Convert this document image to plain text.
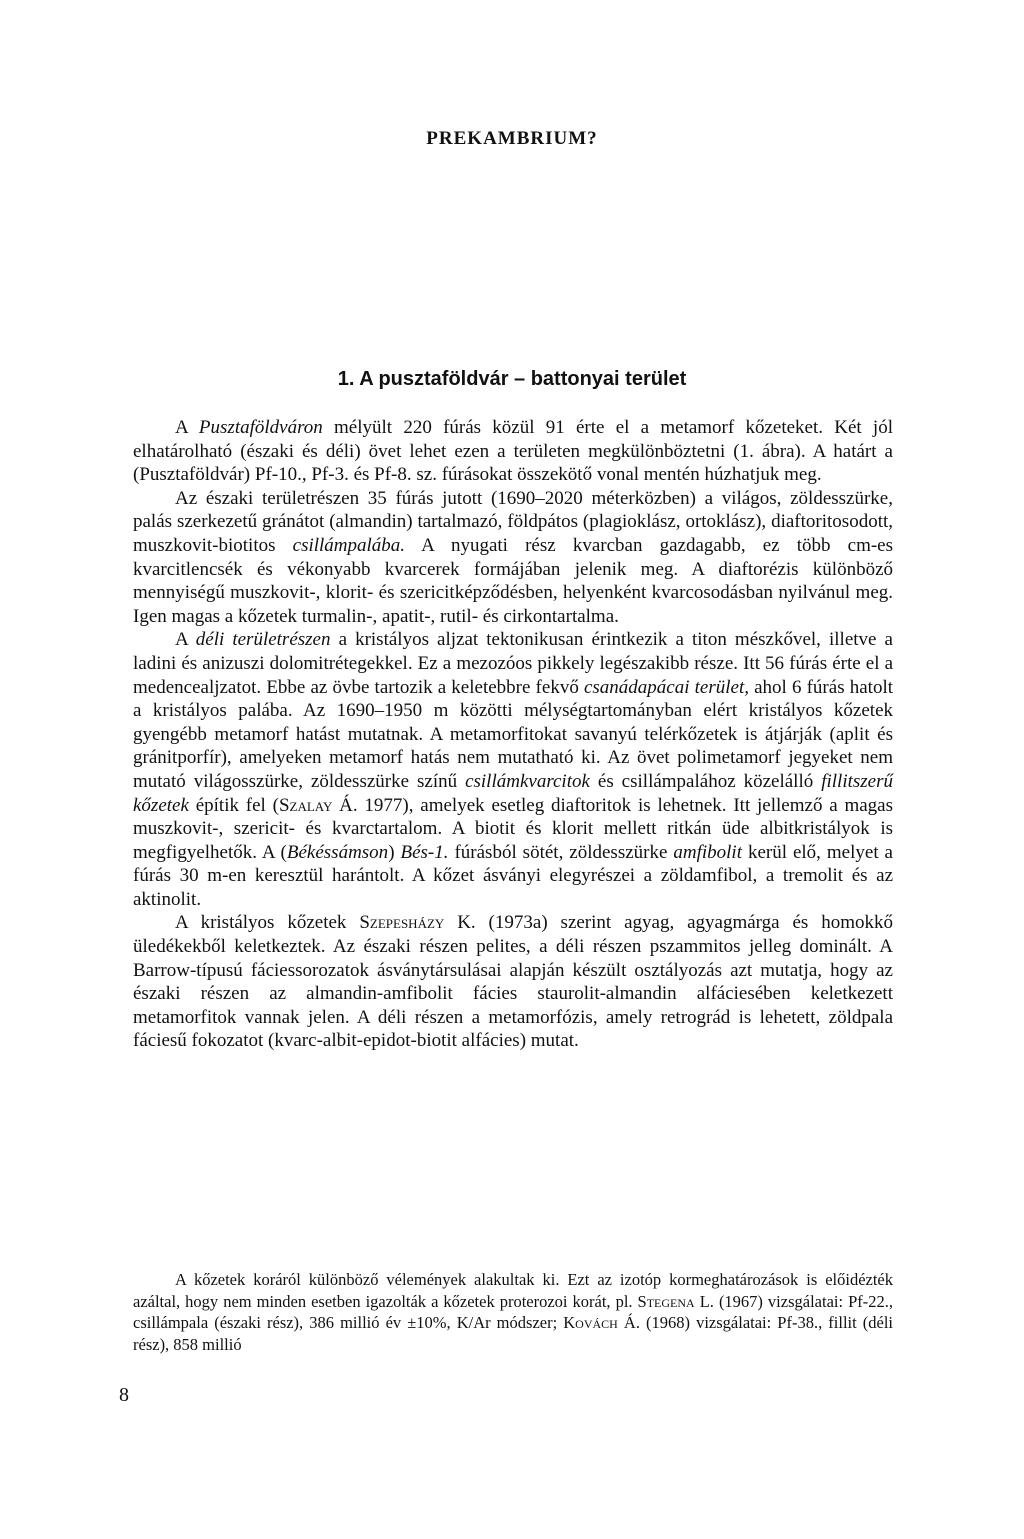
PREKAMBRIUM?
1. A pusztaföldvár – battonyai terület

A Pusztaföldváron mélyült 220 fúrás közül 91 érte el a metamorf kőzeteket. Két jól elhatárolható (északi és déli) övet lehet ezen a területen megkülönböztetni (1. ábra). A határt a (Pusztaföldvár) Pf-10., Pf-3. és Pf-8. sz. fúrásokat összekötő vonal mentén húzhatjuk meg.

Az északi területrészen 35 fúrás jutott (1690–2020 méterközben) a világos, zöldesszürke, palás szerkezetű gránátot (almandin) tartalmazó, földpátos (plagioklász, ortoklász), diaftoritosodott, muszkovit-biotitos csillámpalába. A nyugati rész kvarcban gazdagabb, ez több cm-es kvarcitlencsék és vékonyabb kvarcerek formájában jelenik meg. A diaftorézis különböző mennyiségű muszkovit-, klorit- és szericitképződésben, helyenként kvarcosodásban nyilvánul meg. Igen magas a kőzetek turmalin-, apatit-, rutil- és cirkontartalma.

A déli területrészen a kristályos aljzat tektonikusan érintkezik a titon mészkővel, illetve a ladini és anizuszi dolomitrétegekkel. Ez a mezozóos pikkely legészakibb része. Itt 56 fúrás érte el a medencealjzatot. Ebbe az övbe tartozik a keletebbre fekvő csanádapácai terület, ahol 6 fúrás hatolt a kristályos palába. Az 1690–1950 m közötti mélységtartományban elért kristályos kőzetek gyengébb metamorf hatást mutatnak. A metamorfitokat savanyú telérkőzetek is átjárják (aplit és gránitporfír), amelyeken metamorf hatás nem mutatható ki. Az övet polimetamorf jegyeket nem mutató világosszürke, zöldesszürke színű csillámkvarcitok és csillámpalához közelálló fillitszerű kőzetek építik fel (Szalay Á. 1977), amelyek esetleg diaftoritok is lehetnek. Itt jellemző a magas muszkovit-, szericit- és kvarctartalom. A biotit és klorit mellett ritkán üde albitkristályok is megfigyelhetők. A (Békéssámson) Bés-1. fúrásból sötét, zöldesszürke amfibolit kerül elő, melyet a fúrás 30 m-en keresztül harántolt. A kőzet ásványi elegyrészei a zöldamfibol, a tremolit és az aktinolit.

A kristályos kőzetek Szepesházy K. (1973a) szerint agyag, agyagmárga és homokkő üledékekből keletkeztek. Az északi részen pelites, a déli részen pszammitos jelleg dominált. A Barrow-típusú fáciessorozatok ásványtársulásai alapján készült osztályozás azt mutatja, hogy az északi részen az almandin-amfibolit fácies staurolit-almandin alfáciesében keletkezett metamorfitok vannak jelen. A déli részen a metamorfózis, amely retrográd is lehetett, zöldpala fáciesű fokozatot (kvarc-albit-epidot-biotit alfácies) mutat.

A kőzetek koráról különböző vélemények alakultak ki. Ezt az izotóp kormeghatározások is előidézték azáltal, hogy nem minden esetben igazolták a kőzetek proterozoi korát, pl. Stegena L. (1967) vizsgálatai: Pf-22., csillámpala (északi rész), 386 millió év ±10%, K/Ar módszer; Kovách Á. (1968) vizsgálatai: Pf-38., fillit (déli rész), 858 millió

8
